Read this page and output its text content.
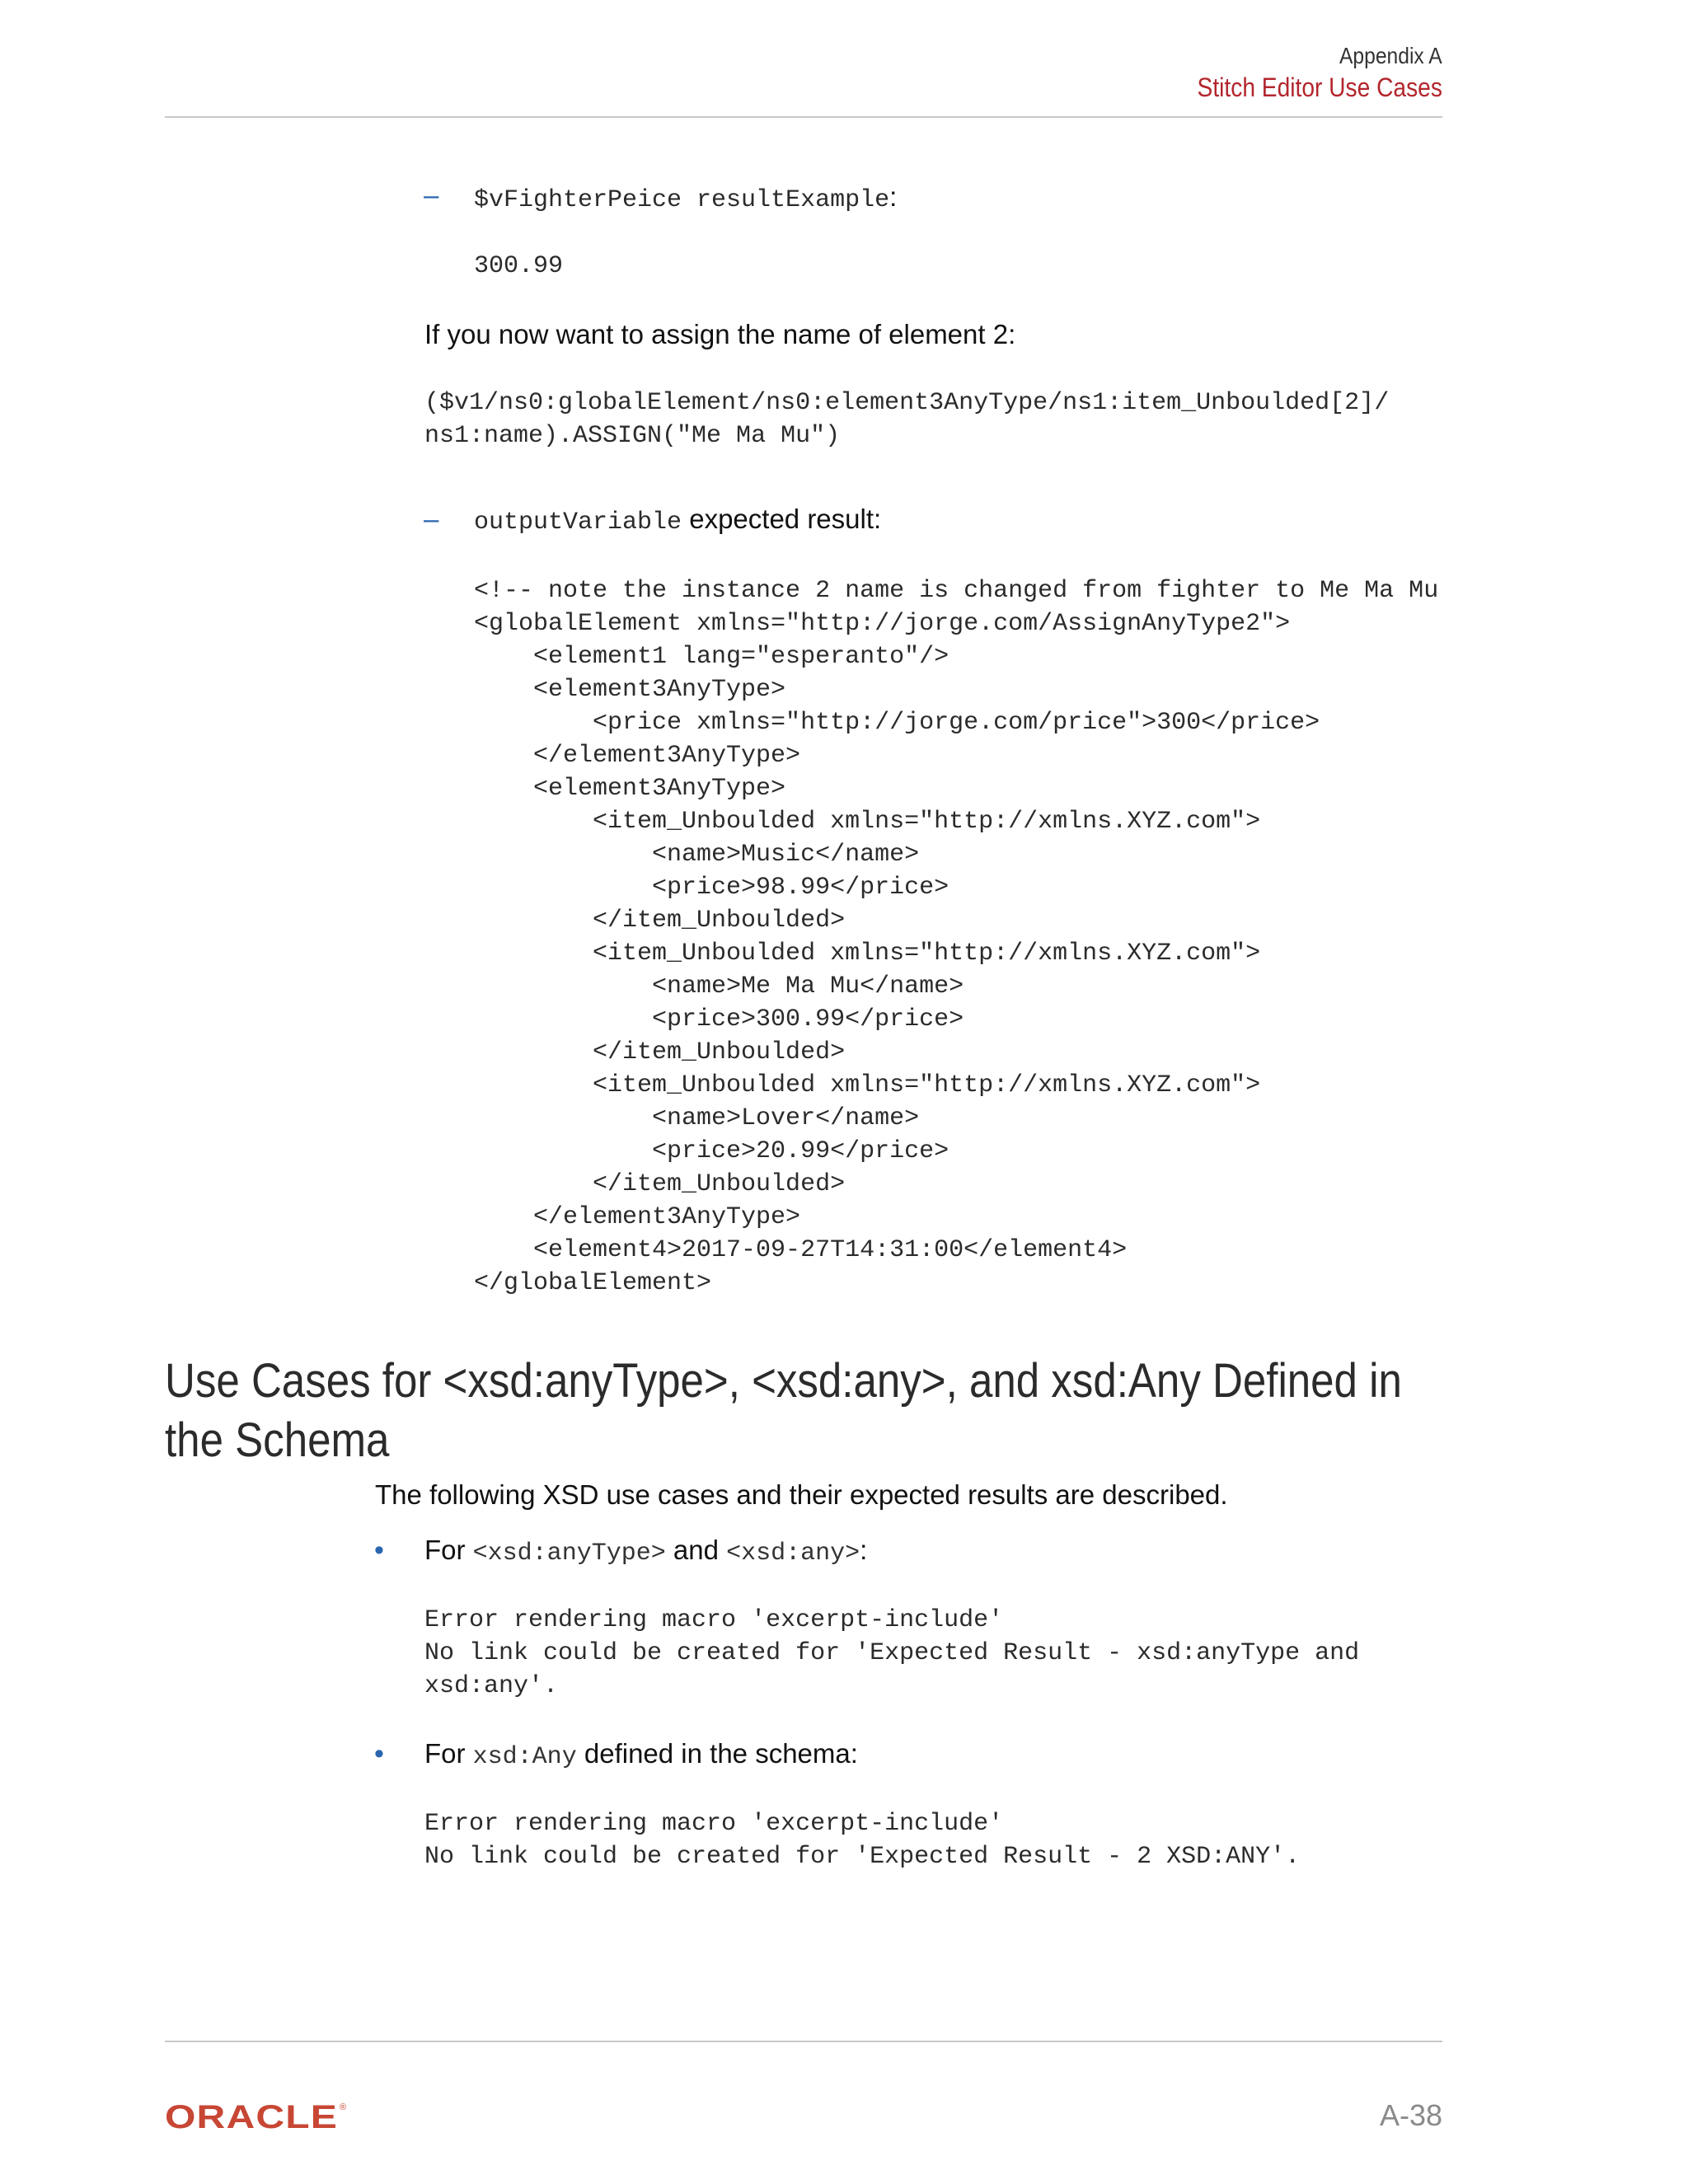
Appendix A
Stitch Editor Use Cases
– $vFighterPeice resultExample:
300.99
If you now want to assign the name of element 2:
($v1/ns0:globalElement/ns0:element3AnyType/ns1:item_Unboulded[2]/
ns1:name).ASSIGN("Me Ma Mu")
– outputVariable expected result:
<!-- note the instance 2 name is changed from fighter to Me Ma Mu
<globalElement xmlns="http://jorge.com/AssignAnyType2">
<element1 lang="esperanto"/>
<element3AnyType>
<price xmlns="http://jorge.com/price">300</price>
</element3AnyType>
<element3AnyType>
<item_Unboulded xmlns="http://xmlns.XYZ.com">
<name>Music</name>
<price>98.99</price>
</item_Unboulded>
<item_Unboulded xmlns="http://xmlns.XYZ.com">
<name>Me Ma Mu</name>
<price>300.99</price>
</item_Unboulded>
<item_Unboulded xmlns="http://xmlns.XYZ.com">
<name>Lover</name>
<price>20.99</price>
</item_Unboulded>
</element3AnyType>
<element4>2017-09-27T14:31:00</element4>
</globalElement>
Use Cases for <xsd:anyType>, <xsd:any>, and xsd:Any Defined in the Schema
The following XSD use cases and their expected results are described.
• For <xsd:anyType> and <xsd:any>:
Error rendering macro 'excerpt-include'
No link could be created for 'Expected Result - xsd:anyType and
xsd:any'.
• For xsd:Any defined in the schema:
Error rendering macro 'excerpt-include'
No link could be created for 'Expected Result - 2 XSD:ANY'.
ORACLE ®	A-38
